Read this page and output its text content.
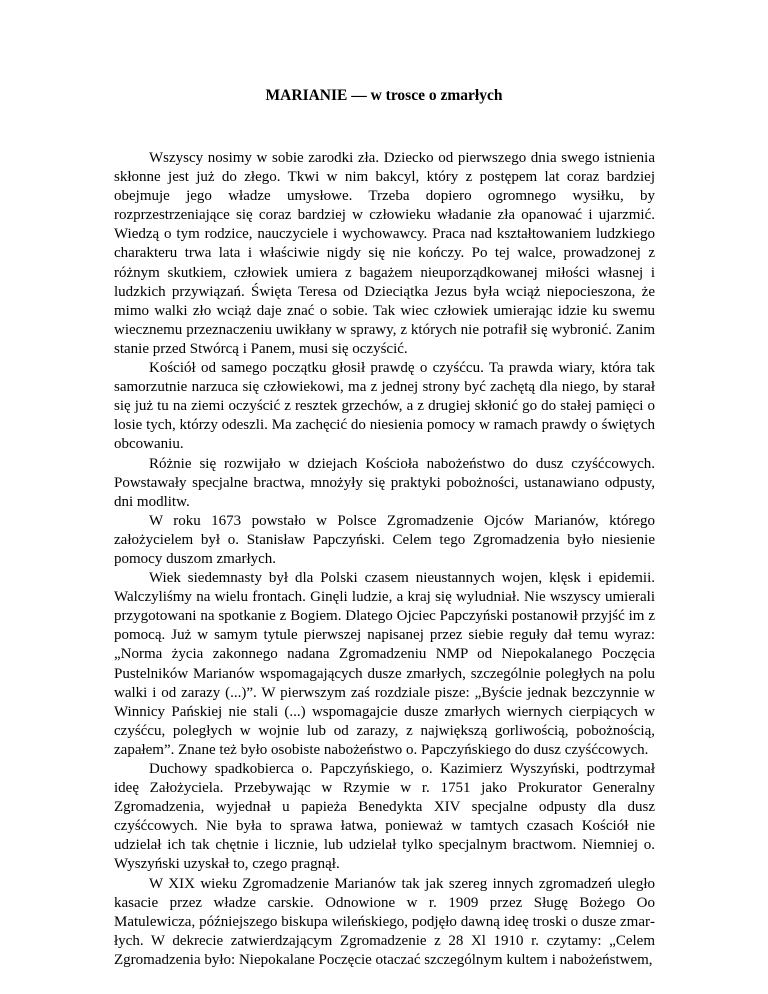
MARIANIE — w trosce o zmarłych

Wszyscy nosimy w sobie zarodki zła. Dziecko od pierwszego dnia swego istnienia skłonne jest już do złego. Tkwi w nim bakcyl, który z postępem lat coraz bardziej obejmuje jego władze umysłowe. Trzeba dopiero ogromnego wysiłku, by rozprzestrzeniające się coraz bardziej w człowieku władanie zła opanować i ujarzmić. Wiedzą o tym rodzice, nauczyciele i wychowawcy. Praca nad kształtowaniem ludzkiego charakteru trwa lata i właściwie nigdy się nie kończy. Po tej walce, prowadzonej z różnym skutkiem, człowiek umiera z bagażem nieuporządkowanej miłości własnej i ludzkich przywiązań. Święta Teresa od Dzieciątka Jezus była wciąż niepocieszona, że mimo walki zło wciąż daje znać o sobie. Tak wiec człowiek umierając idzie ku swemu wiecznemu przeznaczeniu uwikłany w sprawy, z których nie potrafił się wybronić. Zanim stanie przed Stwórcą i Panem, musi się oczyścić.

Kościół od samego początku głosił prawdę o czyśćcu. Ta prawda wiary, która tak samorzutnie narzuca się człowiekowi, ma z jednej strony być zachętą dla niego, by starał się już tu na ziemi oczyścić z resztek grzechów, a z drugiej skłonić go do stałej pamięci o losie tych, którzy odeszli. Ma zachęcić do niesienia pomocy w ramach prawdy o świętych obcowaniu.

Różnie się rozwijało w dziejach Kościoła nabożeństwo do dusz czyśćcowych. Powstawały specjalne bractwa, mnożyły się praktyki pobożności, ustanawiano odpusty, dni modlitw.

W roku 1673 powstało w Polsce Zgromadzenie Ojców Marianów, którego założycielem był o. Stanisław Papczyński. Celem tego Zgromadzenia było niesienie pomocy duszom zmarłych.

Wiek siedemnasty był dla Polski czasem nieustannych wojen, klęsk i epidemii. Walczyliśmy na wielu frontach. Ginęli ludzie, a kraj się wyludniał. Nie wszyscy umierali przygotowani na spotkanie z Bogiem. Dlatego Ojciec Papczyński postanowił przyjść im z pomocą. Już w samym tytule pierwszej napisanej przez siebie reguły dał temu wyraz: „Norma życia zakonnego nadana Zgromadzeniu NMP od Niepokalanego Poczęcia Pustelników Marianów wspomagających dusze zmarłych, szczególnie poległych na polu walki i od zarazy (...)”. W pierwszym zaś rozdziale pisze: „Byście jednak bezczynnie w Winnicy Pańskiej nie stali (...) wspomagajcie dusze zmarłych wiernych cierpiących w czyśćcu, poległych w wojnie lub od zarazy, z największą gorliwością, pobożnością, zapałem”. Znane też było osobiste nabożeństwo o. Papczyńskiego do dusz czyśćcowych.

Duchowy spadkobierca o. Papczyńskiego, o. Kazimierz Wyszyński, podtrzymał ideę Założyciela. Przebywając w Rzymie w r. 1751 jako Prokurator Generalny Zgromadzenia, wyjednał u papieża Benedykta XIV specjalne odpusty dla dusz czyśćcowych. Nie była to sprawa łatwa, ponieważ w tamtych czasach Kościół nie udzielał ich tak chętnie i licznie, lub udzielał tylko specjalnym bractwom. Niemniej o. Wyszyński uzyskał to, czego pragnął.

W XIX wieku Zgromadzenie Marianów tak jak szereg innych zgromadzeń uległo kasacie przez władze carskie. Odnowione w r. 1909 przez Sługę Bożego Oo Matulewicza, późniejszego biskupa wileńskiego, podjęło dawną ideę troski o dusze zmarłych. W dekrecie zatwierdzającym Zgromadzenie z 28 Xl 1910 r. czytamy: „Celem Zgromadzenia było: Niepokalane Poczęcie otaczać szczególnym kultem i nabożeństwem,
